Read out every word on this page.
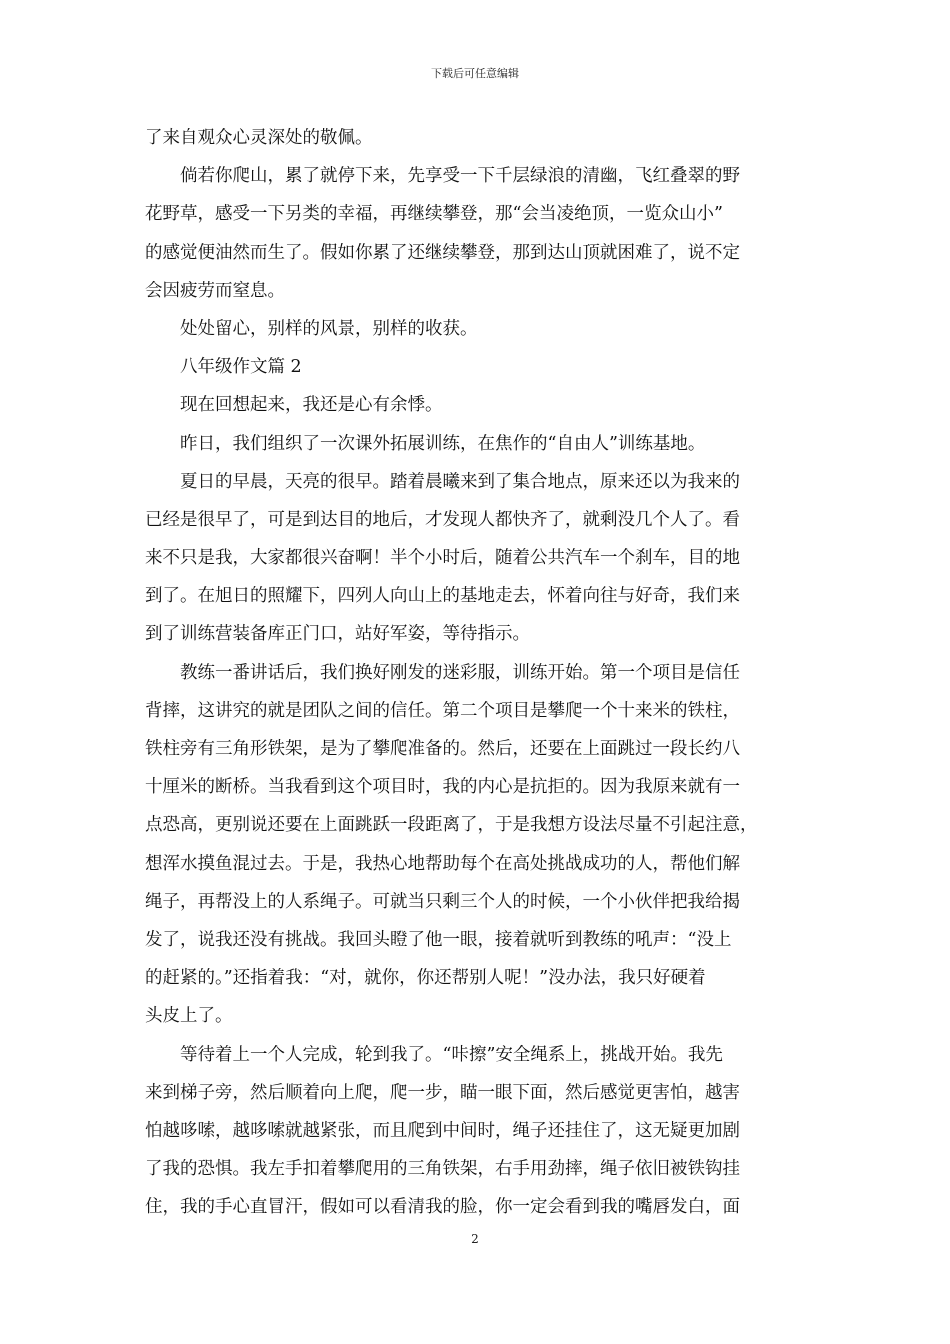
下载后可任意编辑
了来自观众心灵深处的敬佩。
倘若你爬山，累了就停下来，先享受一下千层绿浪的清幽，飞红叠翠的野
花野草，感受一下另类的幸福，再继续攀登，那“会当凌绝顶，一览众山小”
的感觉便油然而生了。假如你累了还继续攀登，那到达山顶就困难了，说不定
会因疲劳而窒息。
处处留心，别样的风景，别样的收获。
八年级作文篇 2
现在回想起来，我还是心有余悸。
昨日，我们组织了一次课外拓展训练，在焦作的“自由人”训练基地。
夏日的早晨，天亮的很早。踏着晨曦来到了集合地点，原来还以为我来的
已经是很早了，可是到达目的地后，才发现人都快齐了，就剩没几个人了。看
来不只是我，大家都很兴奋啊！半个小时后，随着公共汽车一个刹车，目的地
到了。在旭日的照耀下，四列人向山上的基地走去，怀着向往与好奇，我们来
到了训练营装备库正门口，站好军姿，等待指示。
教练一番讲话后，我们换好刚发的迷彩服，训练开始。第一个项目是信任
背摔，这讲究的就是团队之间的信任。第二个项目是攀爬一个十来米的铁柱，
铁柱旁有三角形铁架，是为了攀爬准备的。然后，还要在上面跳过一段长约八
十厘米的断桥。当我看到这个项目时，我的内心是抗拒的。因为我原来就有一
点恐高，更别说还要在上面跳跃一段距离了，于是我想方设法尽量不引起注意，
想浑水摸鱼混过去。于是，我热心地帮助每个在高处挑战成功的人，帮他们解
绳子，再帮没上的人系绳子。可就当只剩三个人的时候，一个小伙伴把我给揭
发了，说我还没有挑战。我回头瞪了他一眼，接着就听到教练的吼声：“没上
的赶紧的。”还指着我：“对，就你，你还帮别人呢！”没办法，我只好硬着
头皮上了。
等待着上一个人完成，轮到我了。“咔擦”安全绳系上，挑战开始。我先
来到梯子旁，然后顺着向上爬，爬一步，瞄一眼下面，然后感觉更害怕，越害
怕越哆嗦，越哆嗦就越紧张，而且爬到中间时，绳子还挂住了，这无疑更加剧
了我的恐惧。我左手扣着攀爬用的三角铁架，右手用劲摔，绳子依旧被铁钩挂
住，我的手心直冒汗，假如可以看清我的脸，你一定会看到我的嘴唇发白，面
2
